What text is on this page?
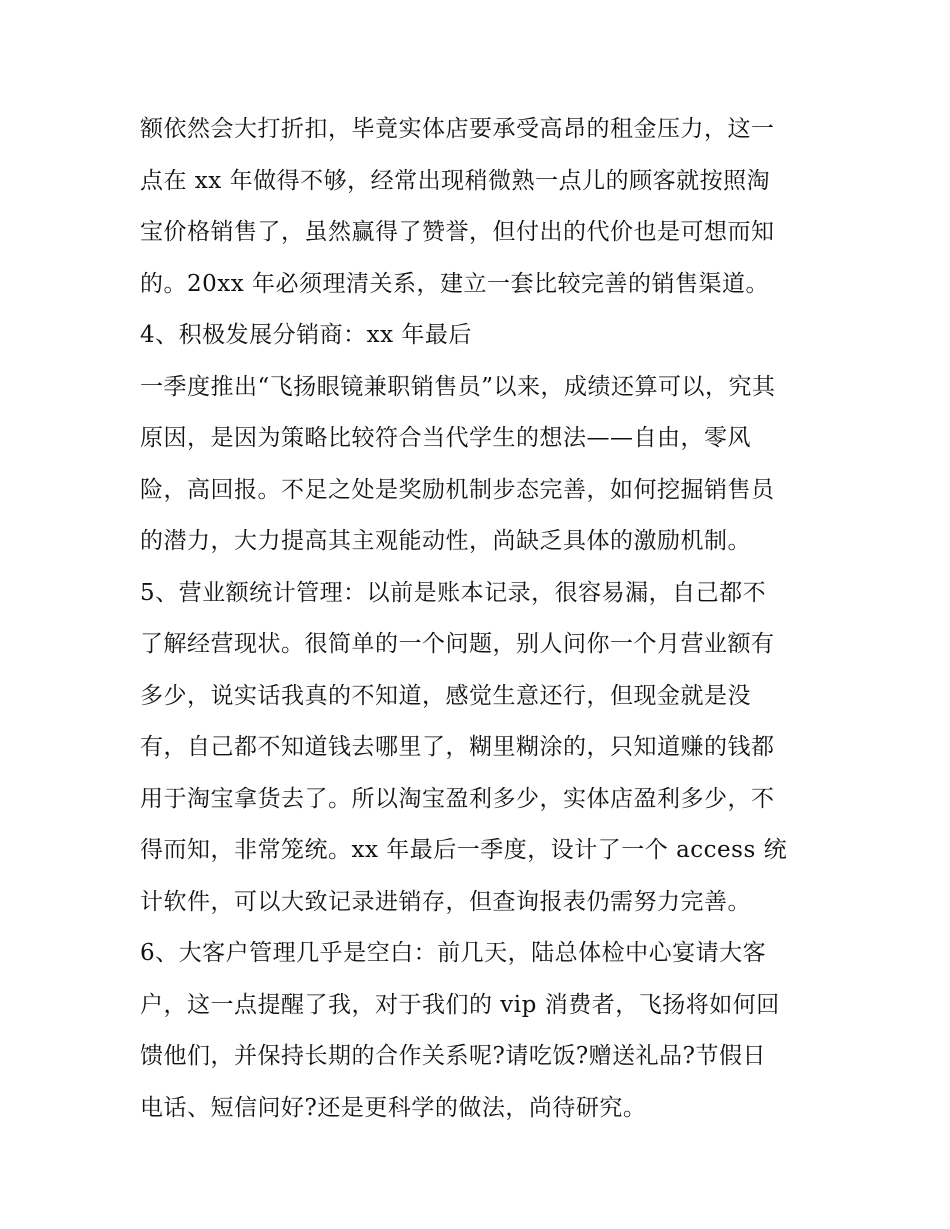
额依然会大打折扣，毕竟实体店要承受高昂的租金压力，这一
点在 xx 年做得不够，经常出现稍微熟一点儿的顾客就按照淘
宝价格销售了，虽然赢得了赞誉，但付出的代价也是可想而知
的。20xx 年必须理清关系，建立一套比较完善的销售渠道。
4、积极发展分销商：xx 年最后
一季度推出“飞扬眼镜兼职销售员”以来，成绩还算可以，究其
原因，是因为策略比较符合当代学生的想法——自由，零风
险，高回报。不足之处是奖励机制步态完善，如何挖掘销售员
的潜力，大力提高其主观能动性，尚缺乏具体的激励机制。
5、营业额统计管理：以前是账本记录，很容易漏，自己都不
了解经营现状。很简单的一个问题，别人问你一个月营业额有
多少，说实话我真的不知道，感觉生意还行，但现金就是没
有，自己都不知道钱去哪里了，糊里糊涂的，只知道赚的钱都
用于淘宝拿货去了。所以淘宝盈利多少，实体店盈利多少，不
得而知，非常笼统。xx 年最后一季度，设计了一个 access 统
计软件，可以大致记录进销存，但查询报表仍需努力完善。
6、大客户管理几乎是空白：前几天，陆总体检中心宴请大客
户，这一点提醒了我，对于我们的 vip 消费者，飞扬将如何回
馈他们，并保持长期的合作关系呢?请吃饭?赠送礼品?节假日
电话、短信问好?还是更科学的做法，尚待研究。
